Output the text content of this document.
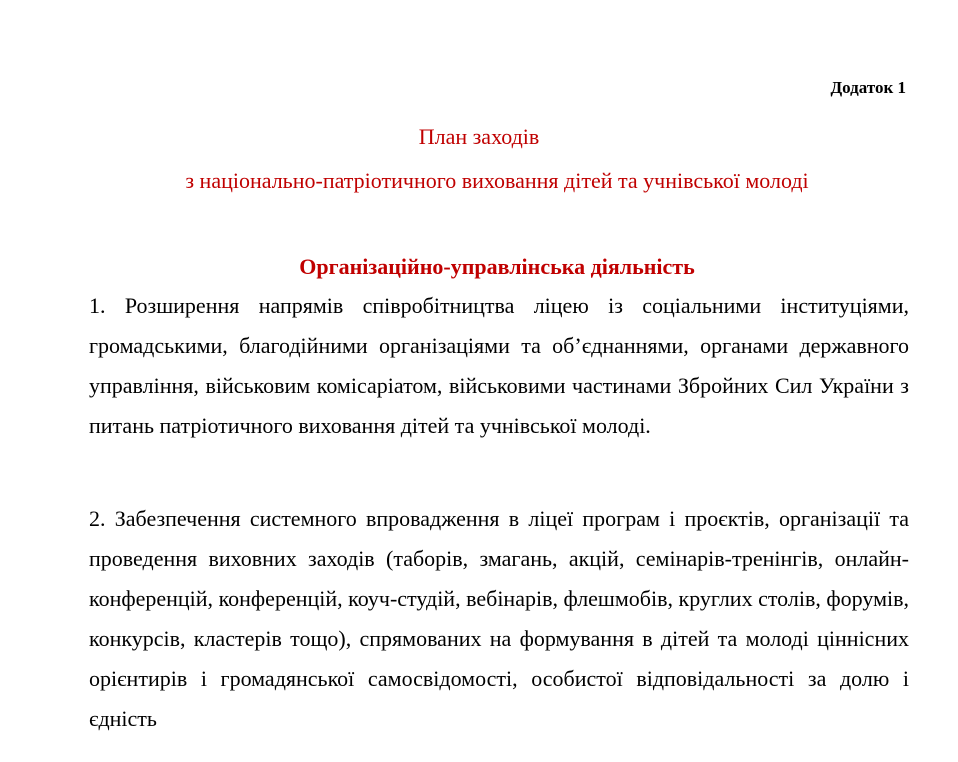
Додаток 1
План заходів
з національно-патріотичного виховання дітей та учнівської молоді
Організаційно-управлінська діяльність
1. Розширення напрямів співробітництва ліцею із соціальними інституціями, громадськими, благодійними організаціями та об’єднаннями, органами державного управління, військовим комісаріатом, військовими частинами Збройних Сил України з питань патріотичного виховання дітей та учнівської молоді.
2. Забезпечення системного впровадження в ліцеї програм і проєктів, організації та проведення виховних заходів (таборів, змагань, акцій, семінарів-тренінгів, онлайн-конференцій, конференцій, коуч-студій, вебінарів, флешмобів, круглих столів, форумів, конкурсів, кластерів тощо), спрямованих на формування в дітей та молоді ціннісних орієнтирів і громадянської самосвідомості, особистої відповідальності за долю і єдність
